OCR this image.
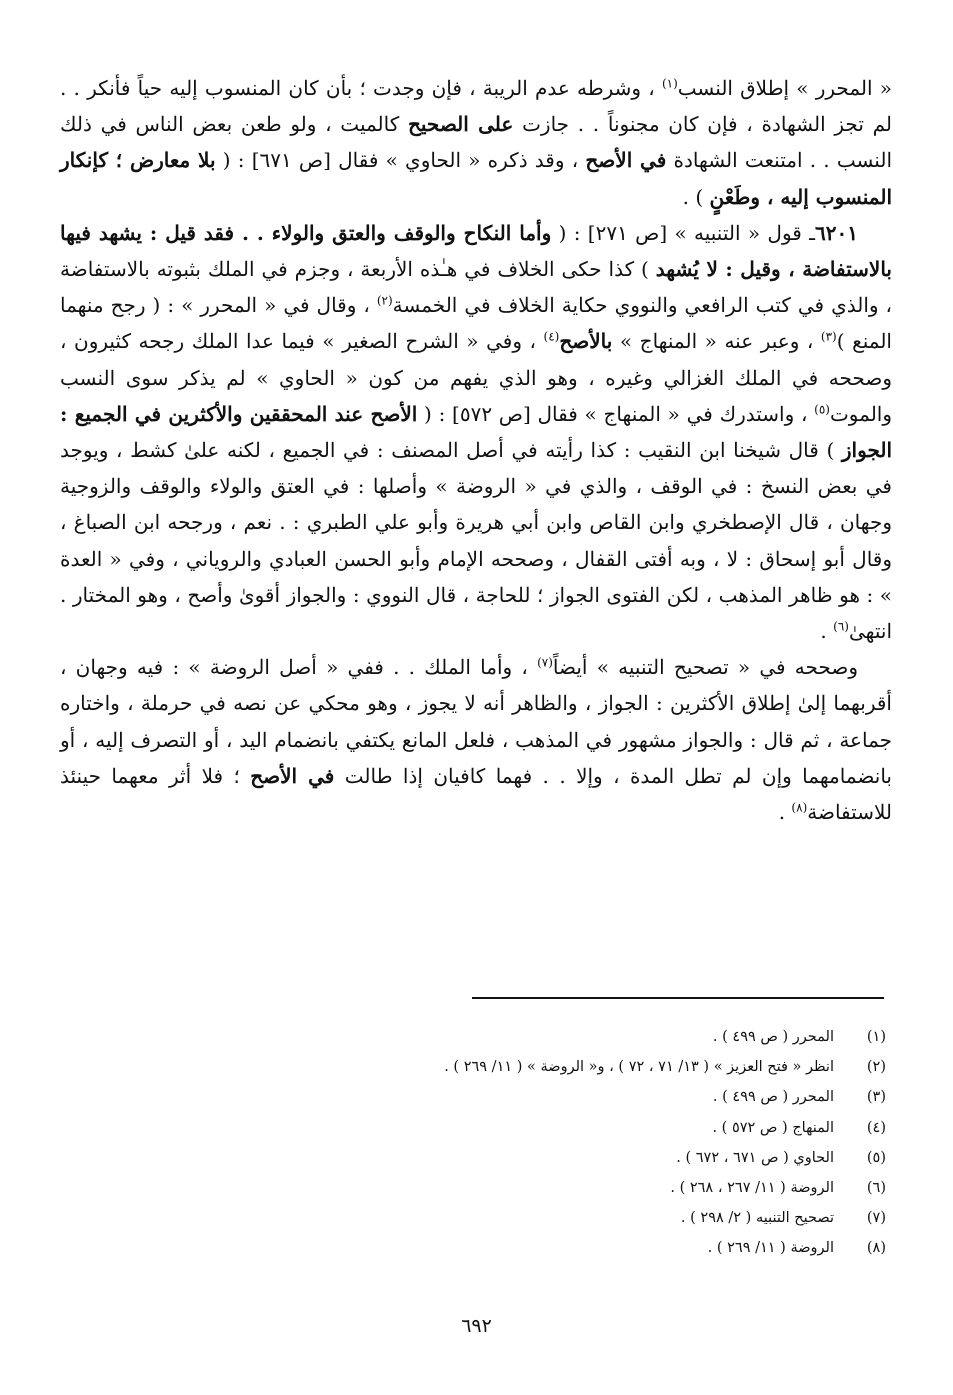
« المحرر » إطلاق النسب$^{(١)}$ ، وشرطه عدم الريبة ، فإن وجدت ؛ بأن كان المنسوب إليه حياً فأنكر . . لم تجز الشهادة ، فإن كان مجنوناً . . جازت على الصحيح كالميت ، ولو طعن بعض الناس في ذلك النسب . . امتنعت الشهادة في الأصح ، وقد ذكره « الحاوي » فقال [ص ٦٧١] : ( بلا معارض ؛ كإنكار المنسوب إليه ، وطَعْنٍ ) .

٦٢٠١ـ قول « التنبيه » [ص ٢٧١] : ( وأما النكاح والوقف والعتق والولاء . . فقد قيل : يشهد فيها بالاستفاضة ، وقيل : لا يُشهد ) كذا حكى الخلاف في هـٰذه الأربعة ، وجزم في الملك بثبوته بالاستفاضة ، والذي في كتب الرافعي والنووي حكاية الخلاف في الخمسة$^{(٢)}$ ، وقال في « المحرر » : ( رجح منهما المنع )$^{(٣)}$ ، وعبر عنه « المنهاج » بالأصح$^{(٤)}$ ، وفي « الشرح الصغير » فيما عدا الملك رجحه كثيرون ، وصححه في الملك الغزالي وغيره ، وهو الذي يفهم من كون « الحاوي » لم يذكر سوى النسب والموت$^{(٥)}$ ، واستدرك في « المنهاج » فقال [ص ٥٧٢] : ( الأصح عند المحققين والأكثرين في الجميع : الجواز ) قال شيخنا ابن النقيب : كذا رأيته في أصل المصنف : في الجميع ، لكنه علىٰ كشط ، ويوجد في بعض النسخ : في الوقف ، والذي في « الروضة » وأصلها : في العتق والولاء والوقف والزوجية وجهان ، قال الإصطخري وابن القاص وابن أبي هريرة وأبو علي الطبري : . نعم ، ورجحه ابن الصباغ ، وقال أبو إسحاق : لا ، وبه أفتى القفال ، وصححه الإمام وأبو الحسن العبادي والروياني ، وفي « العدة » : هو ظاهر المذهب ، لكن الفتوى الجواز ؛ للحاجة ، قال النووي : والجواز أقوىٰ وأصح ، وهو المختار . انتهىٰ$^{(٦)}$ .

وصححه في « تصحيح التنبيه » أيضاً$^{(٧)}$ ، وأما الملك . . ففي « أصل الروضة » : فيه وجهان ، أقربهما إلىٰ إطلاق الأكثرين : الجواز ، والظاهر أنه لا يجوز ، وهو محكي عن نصه في حرملة ، واختاره جماعة ، ثم قال : والجواز مشهور في المذهب ، فلعل المانع يكتفي بانضمام اليد ، أو التصرف إليه ، أو بانضمامهما وإن لم تطل المدة ، وإلا . . فهما كافيان إذا طالت في الأصح ؛ فلا أثر معهما حينئذ للاستفاضة$^{(٨)}$ .

(١)
المحرر ( ص ٤٩٩ ) .
(٢)
انظر « فتح العزيز » ( ١٣/ ٧١ ، ٧٢ ) ، و« الروضة » ( ١١/ ٢٦٩ ) .
(٣)
المحرر ( ص ٤٩٩ ) .
(٤)
المنهاج ( ص ٥٧٢ ) .
(٥)
الحاوي ( ص ٦٧١ ، ٦٧٢ ) .
(٦)
الروضة ( ١١/ ٢٦٧ ، ٢٦٨ ) .
(٧)
تصحيح التنبيه ( ٢/ ٢٩٨ ) .
(٨)
الروضة ( ١١/ ٢٦٩ ) .
٦٩٢
